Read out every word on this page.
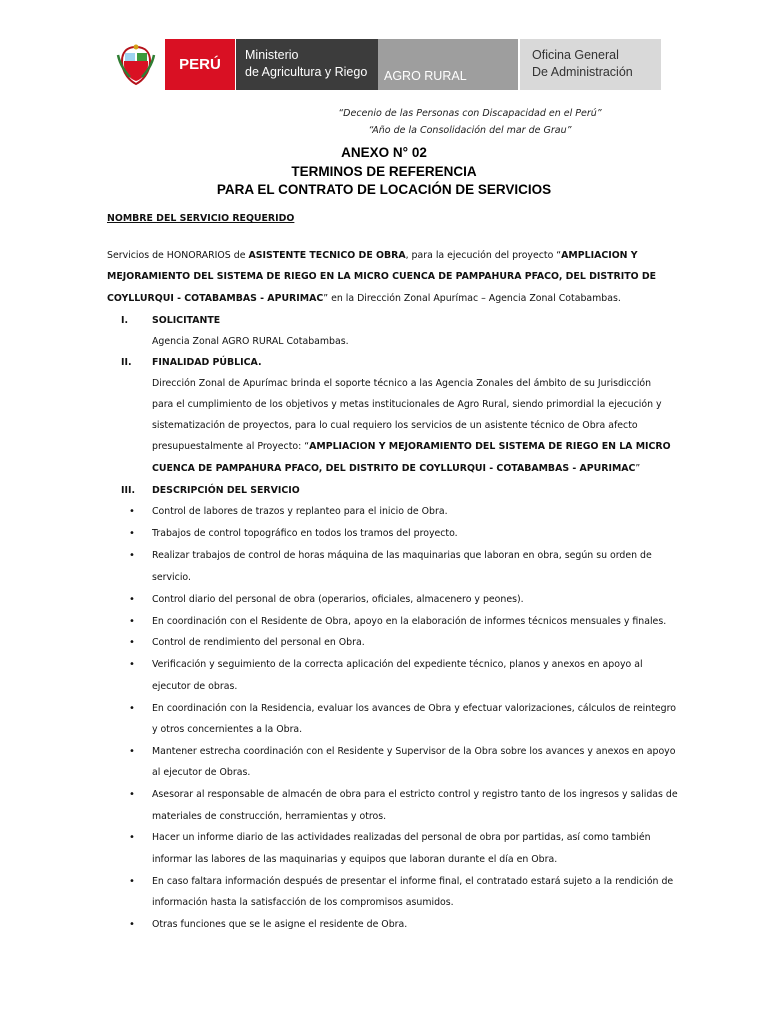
PERÚ
Ministerio
de Agricultura y Riego	AGRO RURAL
Oficina General
De Administración
“Decenio de las Personas con Discapacidad en el Perú”
“Año de la Consolidación del mar de Grau”
ANEXO N° 02
TERMINOS DE REFERENCIA
PARA EL CONTRATO DE LOCACIÓN DE SERVICIOS
NOMBRE DEL SERVICIO REQUERIDO
Servicios de HONORARIOS de ASISTENTE TECNICO DE OBRA, para la ejecución del proyecto “AMPLIACION Y
MEJORAMIENTO DEL SISTEMA DE RIEGO EN LA MICRO CUENCA DE PAMPAHURA PFACO, DEL DISTRITO DE
COYLLURQUI - COTABAMBAS - APURIMAC” en la Dirección Zonal Apurímac – Agencia Zonal Cotabambas.
I.	SOLICITANTE
Agencia Zonal AGRO RURAL Cotabambas.
II. FINALIDAD PÚBLICA.
Dirección Zonal de Apurímac brinda el soporte técnico a las Agencia Zonales del ámbito de su Jurisdicción
para el cumplimiento de los objetivos y metas institucionales de Agro Rural, siendo primordial la ejecución y
sistematización de proyectos, para lo cual requiero los servicios de un asistente técnico de Obra afecto
presupuestalmente al Proyecto: “AMPLIACION Y MEJORAMIENTO DEL SISTEMA DE RIEGO EN LA MICRO
CUENCA DE PAMPAHURA PFACO, DEL DISTRITO DE COYLLURQUI - COTABAMBAS - APURIMAC”
III. DESCRIPCIÓN DEL SERVICIO
• Control de labores de trazos y replanteo para el inicio de Obra.
• Trabajos de control topográfico en todos los tramos del proyecto.
• Realizar trabajos de control de horas máquina de las maquinarias que laboran en obra, según su orden de
servicio.
• Control diario del personal de obra (operarios, oficiales, almacenero y peones).
• En coordinación con el Residente de Obra, apoyo en la elaboración de informes técnicos mensuales y finales.
• Control de rendimiento del personal en Obra.
• Verificación y seguimiento de la correcta aplicación del expediente técnico, planos y anexos en apoyo al
ejecutor de obras.
• En coordinación con la Residencia, evaluar los avances de Obra y efectuar valorizaciones, cálculos de reintegro
y otros concernientes a la Obra.
• Mantener estrecha coordinación con el Residente y Supervisor de la Obra sobre los avances y anexos en apoyo
al ejecutor de Obras.
• Asesorar al responsable de almacén de obra para el estricto control y registro tanto de los ingresos y salidas de
materiales de construcción, herramientas y otros.
• Hacer un informe diario de las actividades realizadas del personal de obra por partidas, así como también
informar las labores de las maquinarias y equipos que laboran durante el día en Obra.
• En caso faltara información después de presentar el informe final, el contratado estará sujeto a la rendición de
información hasta la satisfacción de los compromisos asumidos.
• Otras funciones que se le asigne el residente de Obra.
